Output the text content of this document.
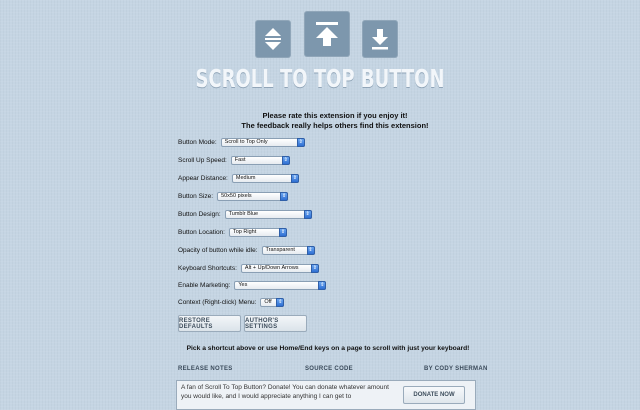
SCROLL TO TOP BUTTON
Please rate this extension if you enjoy it!
The feedback really helps others find this extension!
Button Mode: Scroll to Top Only	⇕
Scroll Up Speed: Fast	⇕
Appear Distance: Medium	⇕
Button Size: 50x50 pixels	⇕
Button Design: Tumblr Blue	⇕
Button Location: Top Right	⇕
Opacity of button while idle: Transparent	⇕
Keyboard Shortcuts: Alt + Up/Down Arrows	⇕
Enable Marketing: Yes	⇕
Context (Right-click) Menu: Off	⇕
RESTORE DEFAULTS
AUTHOR'S SETTINGS
Pick a shortcut above or use Home/End keys on a page to scroll with just your keyboard!
RELEASE NOTES	SOURCE CODE	BY CODY SHERMAN
A fan of Scroll To Top Button? Donate! You can donate whatever amount you would like, and I would appreciate anything I can get to	DONATE NOW
